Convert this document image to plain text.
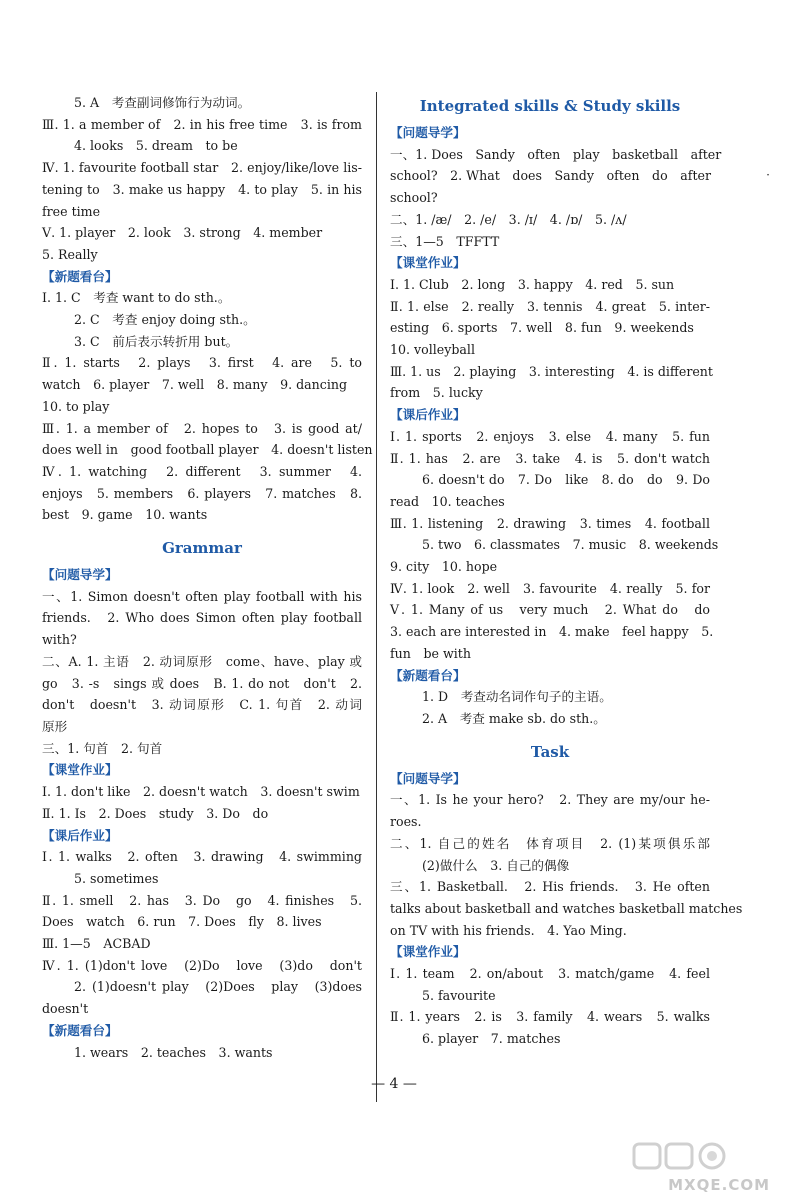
5. A　考查副词修饰行为动词。
Ⅲ. 1. a member of　2. in his free time　3. is from
4. looks　5. dream　to be
Ⅳ. 1. favourite football star　2. enjoy/like/love lis-
tening to　3. make us happy　4. to play　5. in his
free time
Ⅴ. 1. player　2. look　3. strong　4. member
5. Really
【新题看台】
Ⅰ. 1. C　考查 want to do sth.。
2. C　考查 enjoy doing sth.。
3. C　前后表示转折用 but。
Ⅱ. 1. starts　2. plays　3. first　4. are　5. to
watch　6. player　7. well　8. many　9. dancing
10. to play
Ⅲ. 1. a member of　2. hopes to　3. is good at/
does well in　good football player　4. doesn't listen
Ⅳ. 1. watching　2. different　3. summer　4.
enjoys　5. members　6. players　7. matches　8.
best　9. game　10. wants
Grammar
【问题导学】
一、1. Simon doesn't often play football with his
friends.　2. Who does Simon often play football
with?
二、A. 1. 主语　2. 动词原形　come、have、play 或
go　3. -s　sings 或 does　B. 1. do not　don't　2.
don't　doesn't　3. 动词原形　C. 1. 句首　2. 动词
原形
三、1. 句首　2. 句首
【课堂作业】
Ⅰ. 1. don't like　2. doesn't watch　3. doesn't swim
Ⅱ. 1. Is　2. Does　study　3. Do　do
【课后作业】
Ⅰ. 1. walks　2. often　3. drawing　4. swimming
5. sometimes
Ⅱ. 1. smell　2. has　3. Do　go　4. finishes　5.
Does　watch　6. run　7. Does　fly　8. lives
Ⅲ. 1—5　ACBAD
Ⅳ. 1. (1)don't love　(2)Do　love　(3)do　don't
2. (1)doesn't play　(2)Does　play　(3)does
doesn't
【新题看台】
1. wears　2. teaches　3. wants
Integrated skills & Study skills
【问题导学】
一、1. Does　Sandy　often　play　basketball　after
school?　2. What　does　Sandy　often　do　after
school?
二、1. /æ/　2. /e/　3. /ɪ/　4. /ɒ/　5. /ʌ/
三、1—5　TFFTT
【课堂作业】
Ⅰ. 1. Club　2. long　3. happy　4. red　5. sun
Ⅱ. 1. else　2. really　3. tennis　4. great　5. inter-
esting　6. sports　7. well　8. fun　9. weekends
10. volleyball
Ⅲ. 1. us　2. playing　3. interesting　4. is different
from　5. lucky
【课后作业】
Ⅰ. 1. sports　2. enjoys　3. else　4. many　5. fun
Ⅱ. 1. has　2. are　3. take　4. is　5. don't watch
6. doesn't do　7. Do　like　8. do　do　9. Do
read　10. teaches
Ⅲ. 1. listening　2. drawing　3. times　4. football
5. two　6. classmates　7. music　8. weekends
9. city　10. hope
Ⅳ. 1. look　2. well　3. favourite　4. really　5. for
Ⅴ. 1. Many of us　very much　2. What do　do
3. each are interested in　4. make　feel happy　5.
fun　be with
【新题看台】
1. D　考查动名词作句子的主语。
2. A　考查 make sb. do sth.。
Task
【问题导学】
一、1. Is he your hero?　2. They are my/our he-
roes.
二、1. 自己的姓名　体育项目　2. (1)某项俱乐部
(2)做什么　3. 自己的偶像
三、1. Basketball.　2. His friends.　3. He often
talks about basketball and watches basketball matches
on TV with his friends.　4. Yao Ming.
【课堂作业】
Ⅰ. 1. team　2. on/about　3. match/game　4. feel
5. favourite
Ⅱ. 1. years　2. is　3. family　4. wears　5. walks
6. player　7. matches
·
— 4 —
MXQE.COM
